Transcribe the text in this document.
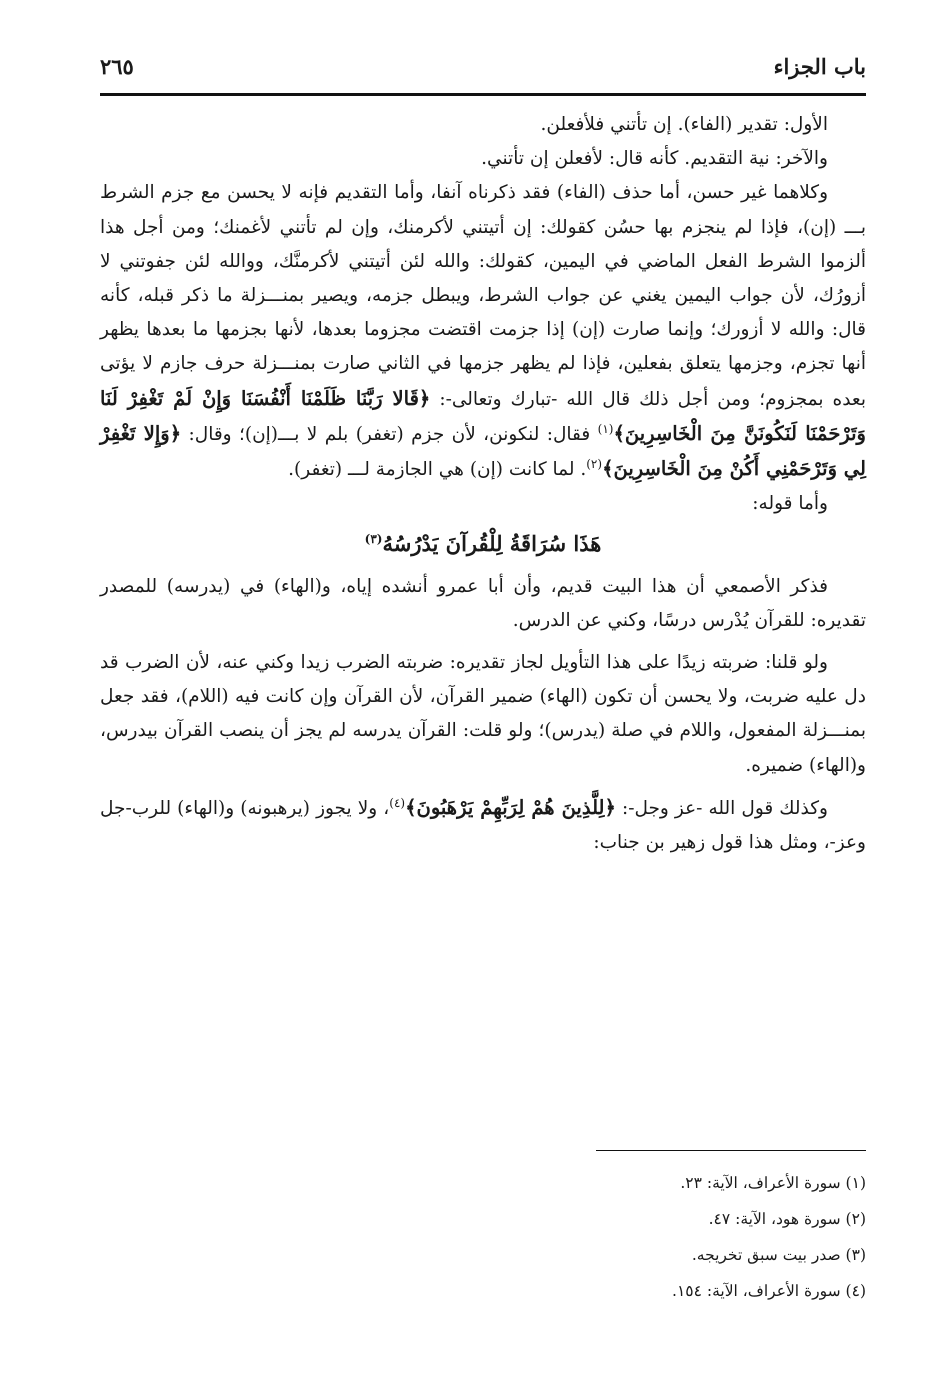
باب الجزاء
٢٦٥

الأول: تقدير (الفاء). إن تأتني فلأفعلن.

والآخر: نية التقديم. كأنه قال: لأفعلن إن تأتني.

وكلاهما غير حسن، أما حذف (الفاء) فقد ذكرناه آنفا، وأما التقديم فإنه لا يحسن مع جزم الشرط بـــ (إن)، فإذا لم ينجزم بها حسُن كقولك: إن أتيتني لأكرمنك، وإن لم تأتني لأغمنك؛ ومن أجل هذا ألزموا الشرط الفعل الماضي في اليمين، كقولك: والله لئن أتيتني لأكرمنَّك، ووالله لئن جفوتني لا أزورُك، لأن جواب اليمين يغني عن جواب الشرط، ويبطل جزمه، ويصير بمنـــزلة ما ذكر قبله، كأنه قال: والله لا أزورك؛ وإنما صارت (إن) إذا جزمت اقتضت مجزوما بعدها، لأنها بجزمها ما بعدها يظهر أنها تجزم، وجزمها يتعلق بفعلين، فإذا لم يظهر جزمها في الثاني صارت بمنـــزلة حرف جازم لا يؤتى بعده بمجزوم؛ ومن أجل ذلك قال الله -تبارك وتعالى-: ﴿قَالا رَبَّنَا ظَلَمْنَا أَنْفُسَنَا وَإِنْ لَمْ تَغْفِرْ لَنَا وَتَرْحَمْنَا لَنَكُونَنَّ مِنَ الْخَاسِرِينَ﴾$^{(١)}$ فقال: لنكونن، لأن جزم (تغفر) بلم لا بـــ(إن)؛ وقال: ﴿وَإِلا تَغْفِرْ لِي وَتَرْحَمْنِي أَكُنْ مِنَ الْخَاسِرِينَ﴾$^{(٢)}$. لما كانت (إن) هي الجازمة لـــ (تغفر).

وأما قوله:

هَذَا سُرَاقَةُ لِلْقُرآنَ يَدْرُسُهُ$^{(٣)}$

فذكر الأصمعي أن هذا البيت قديم، وأن أبا عمرو أنشده إياه، و(الهاء) في (يدرسه) للمصدر تقديره: للقرآن يُدْرس درسًا، وكني عن الدرس.

ولو قلنا: ضربته زيدًا على هذا التأويل لجاز تقديره: ضربته الضرب زيدا وكني عنه، لأن الضرب قد دل عليه ضربت، ولا يحسن أن تكون (الهاء) ضمير القرآن، لأن القرآن وإن كانت فيه (اللام)، فقد جعل بمنـــزلة المفعول، واللام في صلة (يدرس)؛ ولو قلت: القرآن يدرسه لم يجز أن ينصب القرآن بيدرس، و(الهاء) ضميره.

وكذلك قول الله -عز وجل-: ﴿لِلَّذِينَ هُمْ لِرَبِّهِمْ يَرْهَبُونَ﴾$^{(٤)}$، ولا يجوز (يرهبونه) و(الهاء) للرب-جل وعز-، ومثل هذا قول زهير بن جناب:

(١) سورة الأعراف، الآية: ٢٣.
(٢) سورة هود، الآية: ٤٧.
(٣) صدر بيت سبق تخريجه.
(٤) سورة الأعراف، الآية: ١٥٤.
